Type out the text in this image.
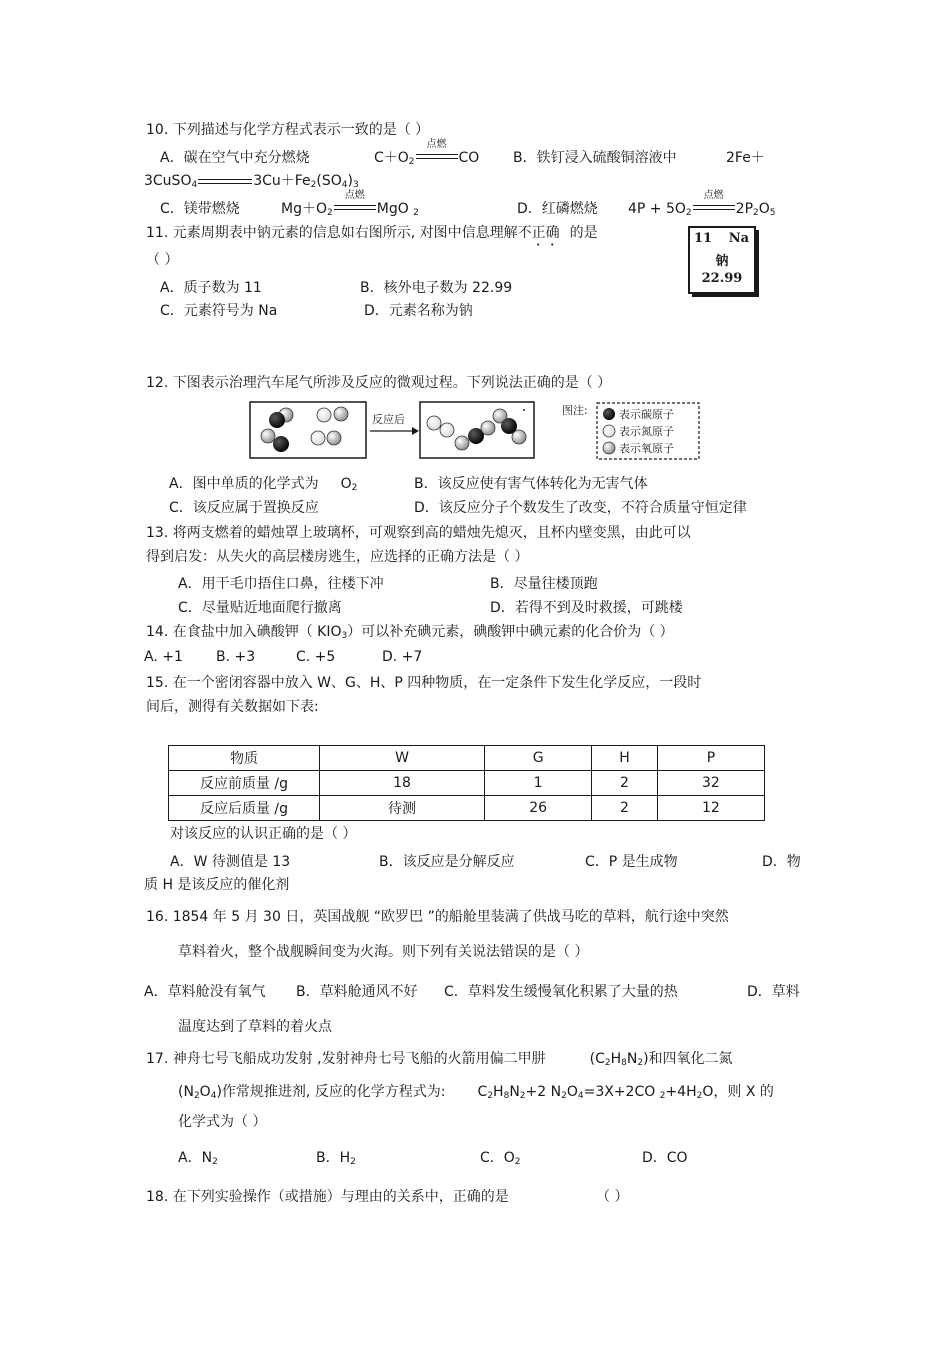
10. 下列描述与化学方程式表示一致的是（ ）
A．碳在空气中充分燃烧	$C+O_2$
点燃
CO B．铁钉浸入硫酸铜溶液中	2Fe＋
3CuSO$_4$	$3Cu+Fe_2(SO_4)_3$
C．镁带燃烧	$Mg+O_2$
点燃
MgO $_2$	D．红磷燃烧 $4P + 5O_2$
点燃
$2P_2O_5$
11. 元素周期表中钠元素的信息如右图所示, 对图中信息理解不正确 的是
（ ）
A．质子数为 11	B．核外电子数为 22.99
C．元素符号为 Na	D．元素名称为钠
11 Na
钠
22.99
12. 下图表示治理汽车尾气所涉及反应的微观过程。下列说法正确的是（ ）
反应后
图注:	表示碳原子
表示氮原子
表示氧原子
A．图中单质的化学式为 $O_2$	B．该反应使有害气体转化为无害气体
C．该反应属于置换反应	D．该反应分子个数发生了改变，不符合质量守恒定律
13. 将两支燃着的蜡烛罩上玻璃杯，可观察到高的蜡烛先熄灭，且杯内壁变黑，由此可以
得到启发：从失火的高层楼房逃生，应选择的正确方法是（ ）
A．用干毛巾捂住口鼻，往楼下冲	B．尽量往楼顶跑
C．尽量贴近地面爬行撤离	D．若得不到及时救援，可跳楼
14. 在食盐中加入碘酸钾（ $KIO_3$）可以补充碘元素，碘酸钾中碘元素的化合价为（ ）
A. +1 B. +3	C. +5	D. +7
15. 在一个密闭容器中放入 W、G、H、P 四种物质，在一定条件下发生化学反应，一段时
间后，测得有关数据如下表:
物质	W	G	H	P
反应前质量 /g	18	1	2	32
反应后质量 /g	待测	26	2	12
对该反应的认识正确的是（ ）
A．W 待测值是 13	B．该反应是分解反应	C．P 是生成物	D．物
质 H 是该反应的催化剂
16. 1854 年 5 月 30 日，英国战舰 “欧罗巴 ”的船舱里装满了供战马吃的草料，航行途中突然
草料着火，整个战舰瞬间变为火海。则下列有关说法错误的是（ ）
A．草料舱没有氧气 B．草料舱通风不好 C．草料发生缓慢氧化积累了大量的热	D．草料
温度达到了草料的着火点
17. 神舟七号飞船成功发射 ,发射神舟七号飞船的火箭用偏二甲肼	$(C_2H_8N_2)$和四氧化二氮
$(N_2O_4)$作常规推进剂, 反应的化学方程式为: $C_2H_8N_2+2$ $N_2O_4=3X+2CO$ $_2+4H_2O$，则 X 的
化学式为（ ）
A．$N_2$	B．$H_2$	C．$O_2$	D．CO
18. 在下列实验操作（或措施）与理由的关系中，正确的是	（ ）
